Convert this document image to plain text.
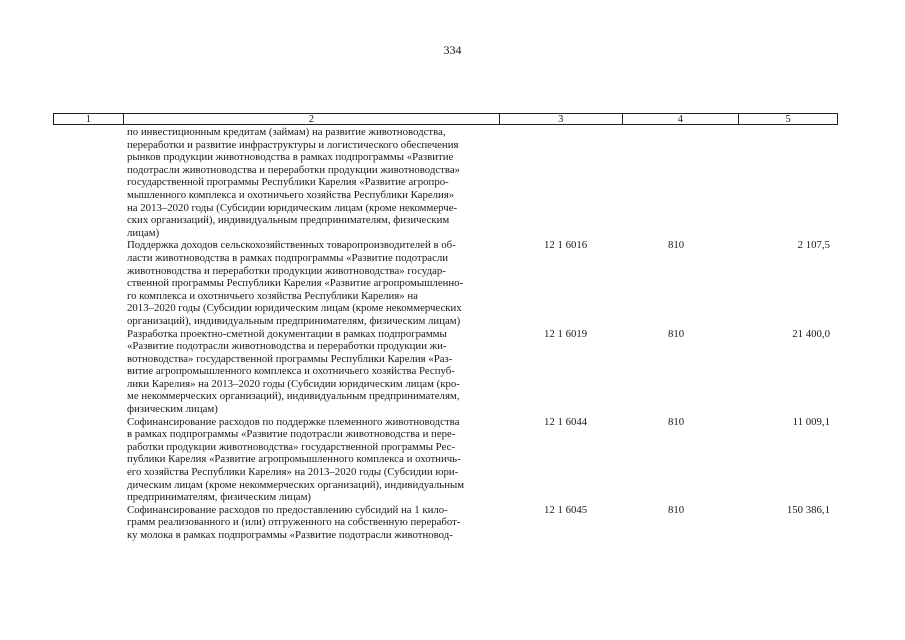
334
1	2	3	4	5
по инвестиционным кредитам (займам) на развитие животноводства,
переработки и развитие инфраструктуры и логистического обеспечения
рынков продукции животноводства в рамках подпрограммы «Развитие
подотрасли животноводства и переработки продукции животноводства»
государственной программы Республики Карелия «Развитие агропро-
мышленного комплекса и охотничьего хозяйства Республики Карелия»
на 2013–2020 годы (Субсидии юридическим лицам (кроме некоммерче-
ских организаций), индивидуальным предпринимателям, физическим
лицам)
Поддержка доходов сельскохозяйственных товаропроизводителей в об-
ласти животноводства в рамках подпрограммы «Развитие подотрасли
животноводства и переработки продукции животноводства» государ-
ственной программы Республики Карелия «Развитие агропромышленно-
го комплекса и охотничьего хозяйства Республики Карелия» на
2013–2020 годы (Субсидии юридическим лицам (кроме некоммерческих
организаций), индивидуальным предпринимателям, физическим лицам)
12 1 6016	810	2 107,5
Разработка проектно-сметной документации в рамках подпрограммы
«Развитие подотрасли животноводства и переработки продукции жи-
вотноводства» государственной программы Республики Карелия «Раз-
витие агропромышленного комплекса и охотничьего хозяйства Респуб-
лики Карелия» на 2013–2020 годы (Субсидии юридическим лицам (кро-
ме некоммерческих организаций), индивидуальным предпринимателям,
физическим лицам)
12 1 6019	810	21 400,0
Софинансирование расходов по поддержке племенного животноводства
в рамках подпрограммы «Развитие подотрасли животноводства и пере-
работки продукции животноводства» государственной программы Рес-
публики Карелия «Развитие агропромышленного комплекса и охотничь-
его хозяйства Республики Карелия» на 2013–2020 годы (Субсидии юри-
дическим лицам (кроме некоммерческих организаций), индивидуальным
предпринимателям, физическим лицам)
12 1 6044	810	11 009,1
Софинансирование расходов по предоставлению субсидий на 1 кило-
грамм реализованного и (или) отгруженного на собственную переработ-
ку молока в рамках подпрограммы «Развитие подотрасли животновод-
12 1 6045	810	150 386,1
